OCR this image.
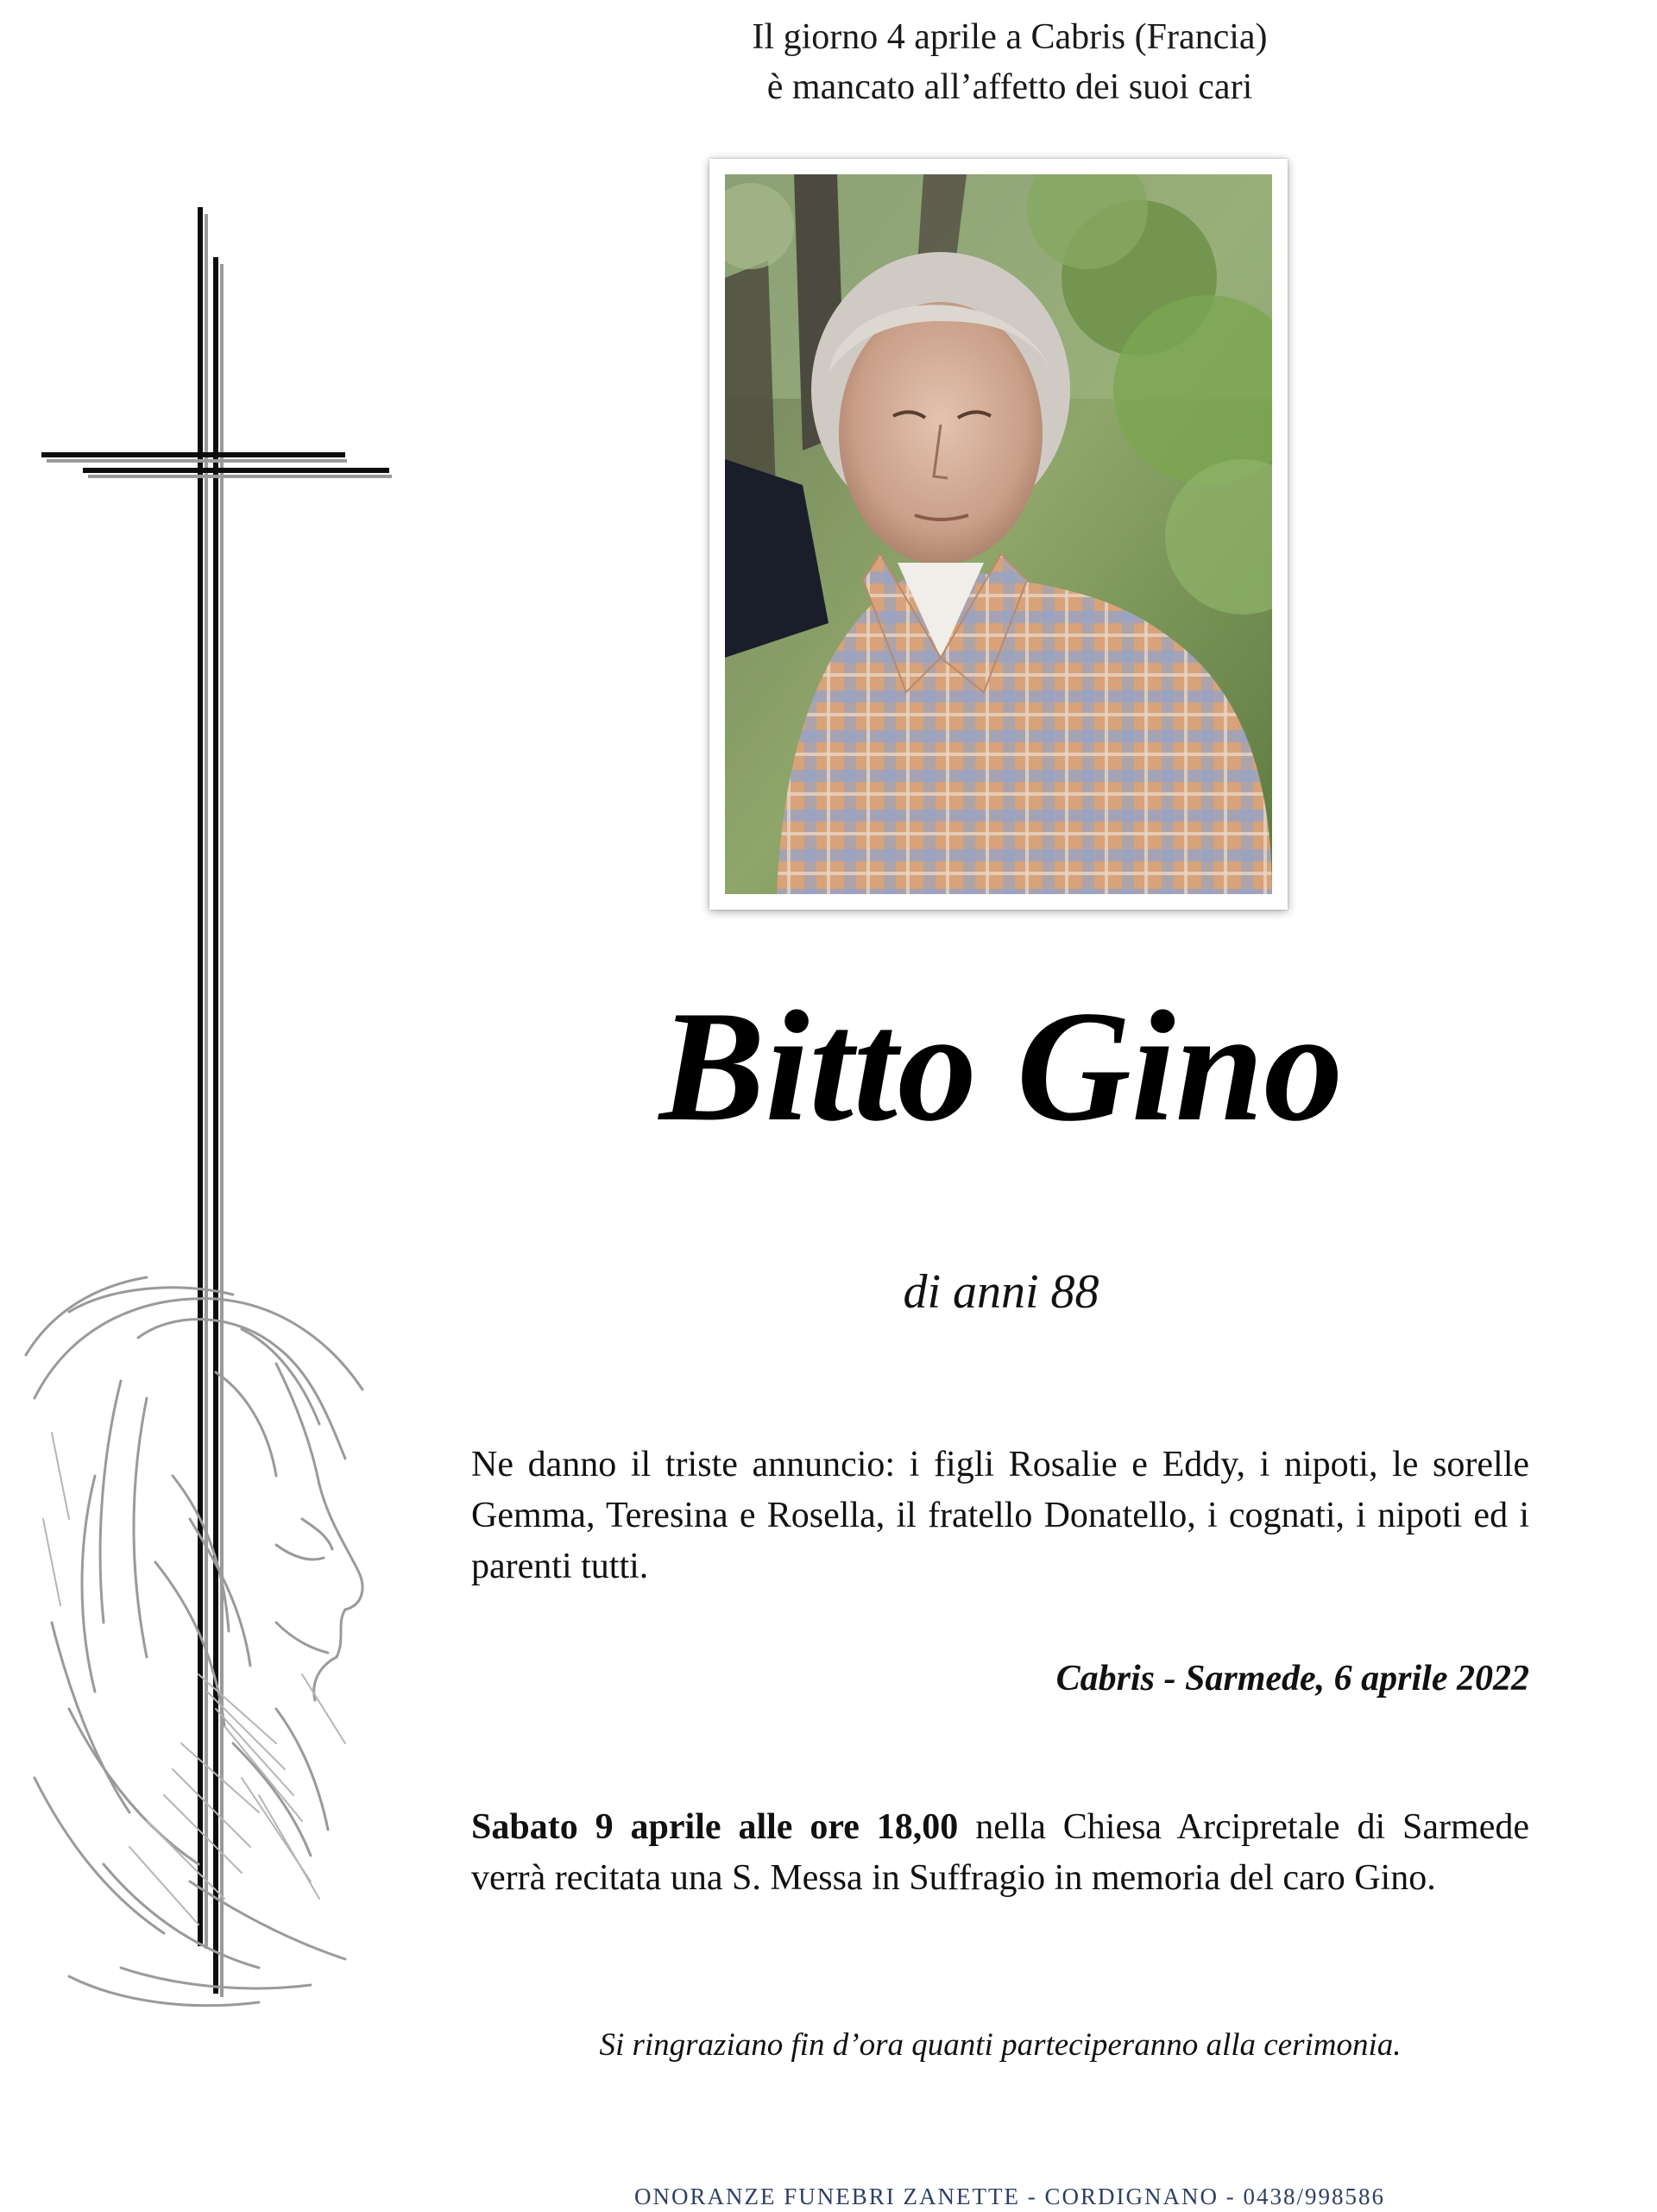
Il giorno 4 aprile a Cabris (Francia)
è mancato all’affetto dei suoi cari
Bitto Gino
di anni 88
Ne danno il triste annuncio: i figli Rosalie e Eddy, i nipoti, le sorelle Gemma, Teresina e Rosella, il fratello Donatello, i cognati, i nipoti ed i parenti tutti.
Cabris - Sarmede, 6 aprile 2022
Sabato 9 aprile alle ore 18,00 nella Chiesa Arcipretale di Sarmede verrà recitata una S. Messa in Suffragio in memoria del caro Gino.
Si ringraziano fin d’ora quanti parteciperanno alla cerimonia.
ONORANZE FUNEBRI ZANETTE - CORDIGNANO - 0438/998586
